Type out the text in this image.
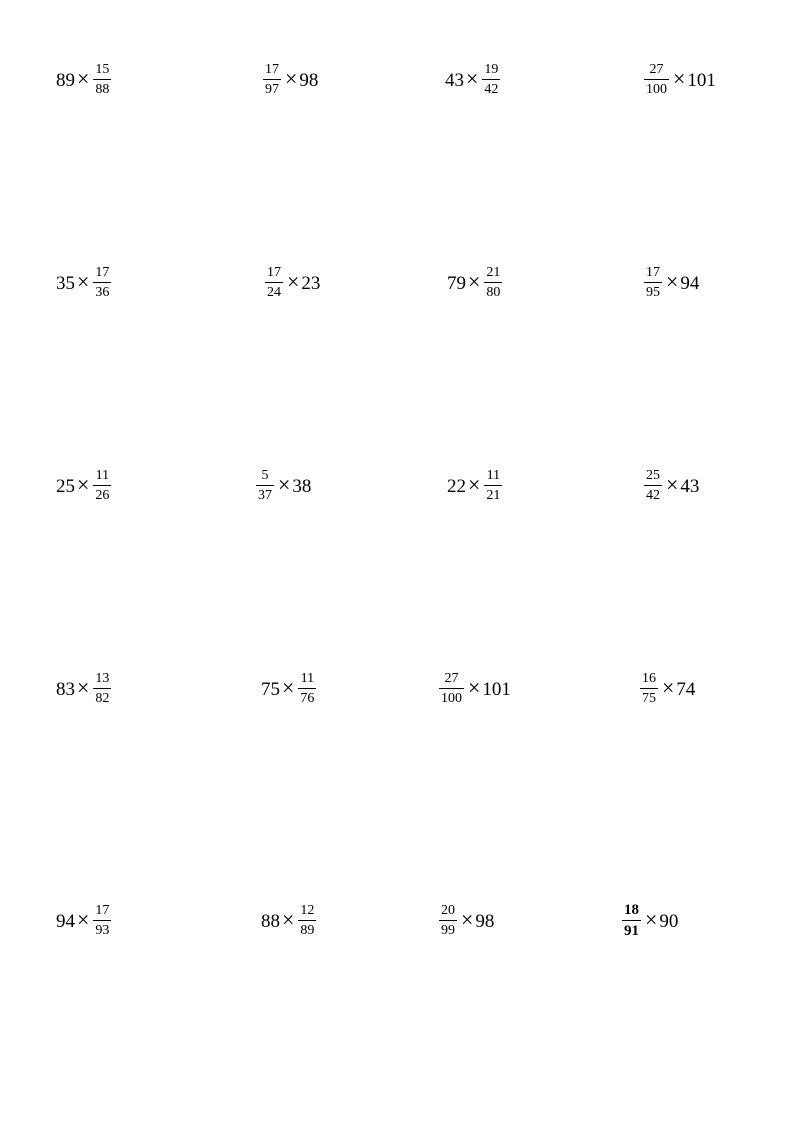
$89 \times \frac{15}{88}$	$\frac{17}{97} \times 98$	$43 \times \frac{19}{42}$	$\frac{27}{100} \times 101$
$35 \times \frac{17}{36}$	$\frac{17}{24} \times 23$	$79 \times \frac{21}{80}$	$\frac{17}{95} \times 94$
$25 \times \frac{11}{26}$	$\frac{5}{37} \times 38$	$22 \times \frac{11}{21}$	$\frac{25}{42} \times 43$
$83 \times \frac{13}{82}$	$75 \times \frac{11}{76}$	$\frac{27}{100} \times 101$	$\frac{16}{75} \times 74$
$94 \times \frac{17}{93}$	$88 \times \frac{12}{89}$	$\frac{20}{99} \times 98$	$\frac{18}{91} \times 90$
